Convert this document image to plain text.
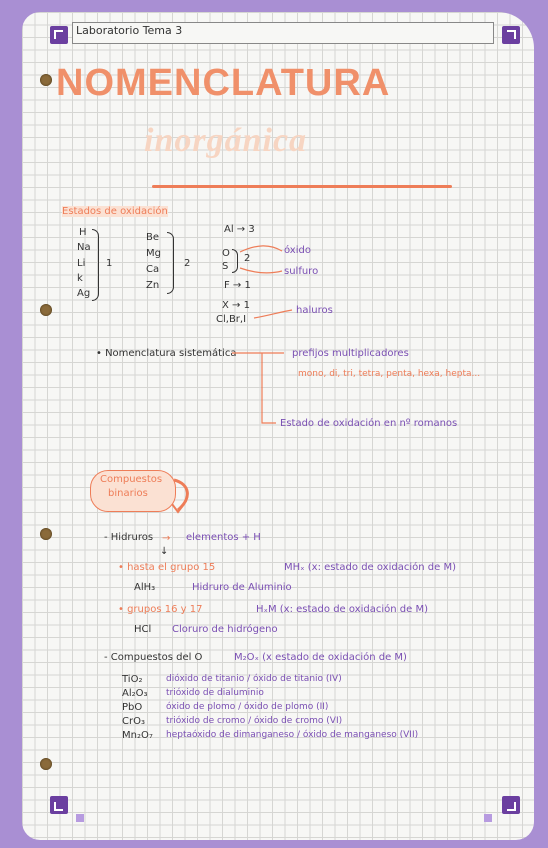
Laboratorio Tema 3
NOMENCLATURA
inorgánica
Estados de oxidación
H
Na
Li
k
Ag
1
Be
Mg
Ca
Zn
2
Al → 3
O
S
2
óxido
sulfuro
F → 1
X → 1
Cl,Br,I
haluros
• Nomenclatura sistemática	prefijos multiplicadores
mono, di, tri, tetra, penta, hexa, hepta...
Estado de oxidación en nº romanos
Compuestos
binarios
- Hidruros	elementos + H
↓
• hasta el grupo 15	MHₓ (x: estado de oxidación de M)
AlH₃	Hidruro de Aluminio
• grupos 16 y 17	HₓM (x: estado de oxidación de M)
HCl Cloruro de hidrógeno
- Compuestos del O	M₂Oₓ (x estado de oxidación de M)
TiO₂	dióxido de titanio / óxido de titanio (IV)
Al₂O₃ trióxido de dialuminio
PbO	óxido de plomo / óxido de plomo (II)
CrO₃ trióxido de cromo / óxido de cromo (VI)
Mn₂O₇ heptaóxido de dimanganeso / óxido de manganeso (VII)
→
